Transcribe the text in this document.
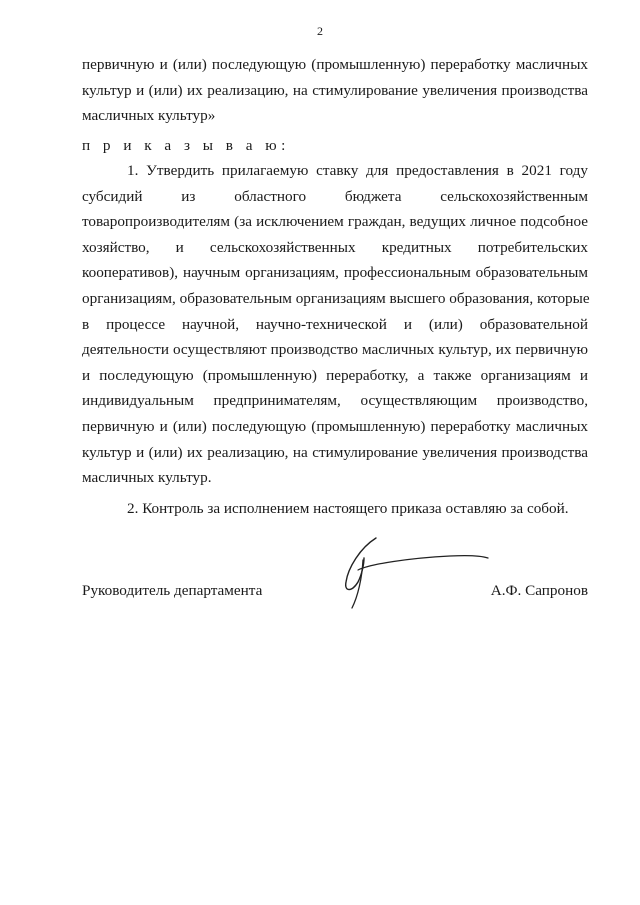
2
первичную и (или) последующую (промышленную) переработку масличных
культур и (или) их реализацию, на стимулирование увеличения производства
масличных культур»
п р и к а з ы в а ю:
1. Утвердить прилагаемую ставку для предоставления в 2021 году
субсидий из областного бюджета сельскохозяйственным
товаропроизводителям (за исключением граждан, ведущих личное подсобное
хозяйство, и сельскохозяйственных кредитных потребительских
кооперативов), научным организациям, профессиональным образовательным
организациям, образовательным организациям высшего образования, которые
в процессе научной, научно-технической и (или) образовательной
деятельности осуществляют производство масличных культур, их первичную
и последующую (промышленную) переработку, а также организациям и
индивидуальным предпринимателям, осуществляющим производство,
первичную и (или) последующую (промышленную) переработку масличных
культур и (или) их реализацию, на стимулирование увеличения производства
масличных культур.
2. Контроль за исполнением настоящего приказа оставляю за собой.
Руководитель департамента	А.Ф. Сапронов
